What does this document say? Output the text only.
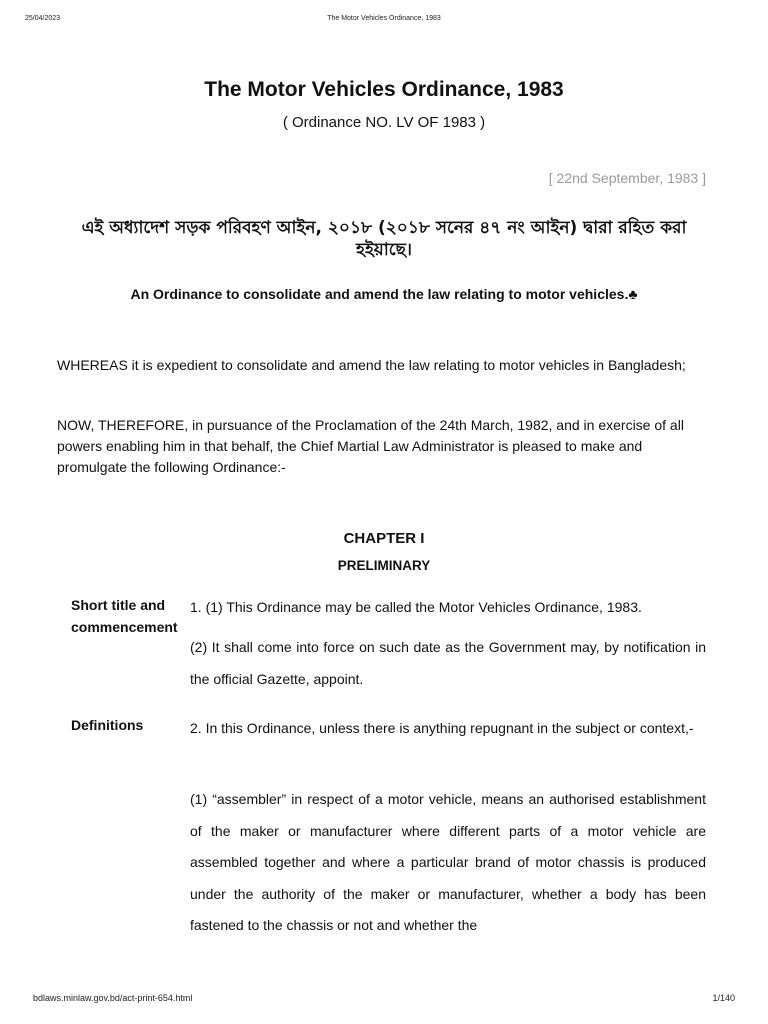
25/04/2023	The Motor Vehicles Ordinance, 1983
The Motor Vehicles Ordinance, 1983
( Ordinance NO. LV OF 1983 )
[ 22nd September, 1983 ]
এই অধ্যাদেশ সড়ক পরিবহণ আইন, ২০১৮ (২০১৮ সনের ৪৭ নং আইন) দ্বারা রহিত করা হইয়াছে।
An Ordinance to consolidate and amend the law relating to motor vehicles.♣
WHEREAS it is expedient to consolidate and amend the law relating to motor vehicles in Bangladesh;
NOW, THEREFORE, in pursuance of the Proclamation of the 24th March, 1982, and in exercise of all powers enabling him in that behalf, the Chief Martial Law Administrator is pleased to make and promulgate the following Ordinance:-
CHAPTER I
PRELIMINARY
Short title and commencement
1. (1) This Ordinance may be called the Motor Vehicles Ordinance, 1983.
(2) It shall come into force on such date as the Government may, by notification in the official Gazette, appoint.
Definitions	2. In this Ordinance, unless there is anything repugnant in the subject or context,-
(1) “assembler” in respect of a motor vehicle, means an authorised establishment of the maker or manufacturer where different parts of a motor vehicle are assembled together and where a particular brand of motor chassis is produced under the authority of the maker or manufacturer, whether a body has been fastened to the chassis or not and whether the
bdlaws.minlaw.gov.bd/act-print-654.html	1/140
